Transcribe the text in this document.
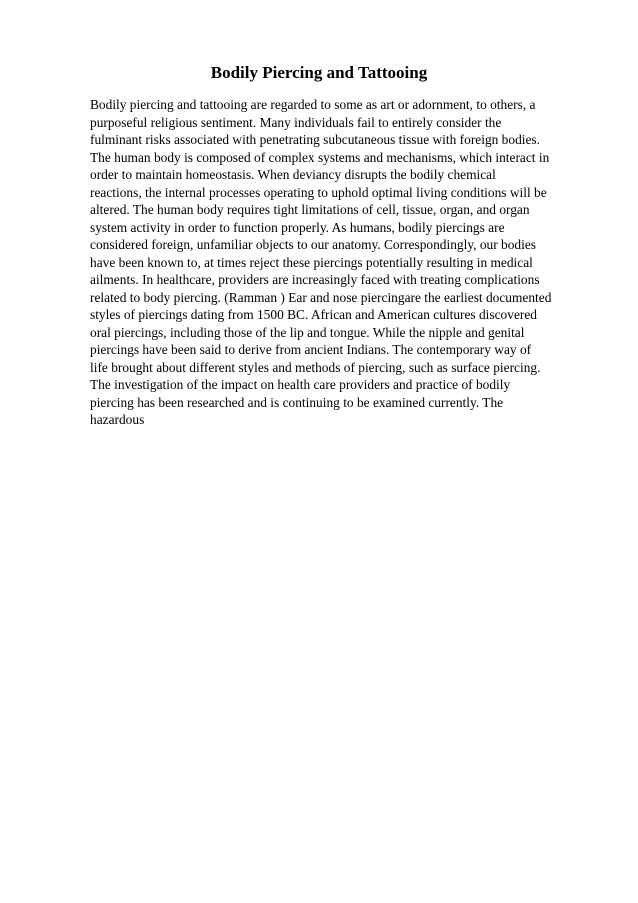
Bodily Piercing and Tattooing
Bodily piercing and tattooing are regarded to some as art or adornment, to others, a
purposeful religious sentiment. Many individuals fail to entirely consider the
fulminant risks associated with penetrating subcutaneous tissue with foreign bodies.
The human body is composed of complex systems and mechanisms, which interact in
order to maintain homeostasis. When deviancy disrupts the bodily chemical
reactions, the internal processes operating to uphold optimal living conditions will be
altered. The human body requires tight limitations of cell, tissue, organ, and organ
system activity in order to function properly. As humans, bodily piercings are
considered foreign, unfamiliar objects to our anatomy. Correspondingly, our bodies
have been known to, at times reject these piercings potentially resulting in medical
ailments. In healthcare, providers are increasingly faced with treating complications
related to body piercing. (Ramman ) Ear and nose piercingare the earliest documented
styles of piercings dating from 1500 BC. African and American cultures discovered
oral piercings, including those of the lip and tongue. While the nipple and genital
piercings have been said to derive from ancient Indians. The contemporary way of
life brought about different styles and methods of piercing, such as surface piercing.
The investigation of the impact on health care providers and practice of bodily
piercing has been researched and is continuing to be examined currently. The
hazardous
